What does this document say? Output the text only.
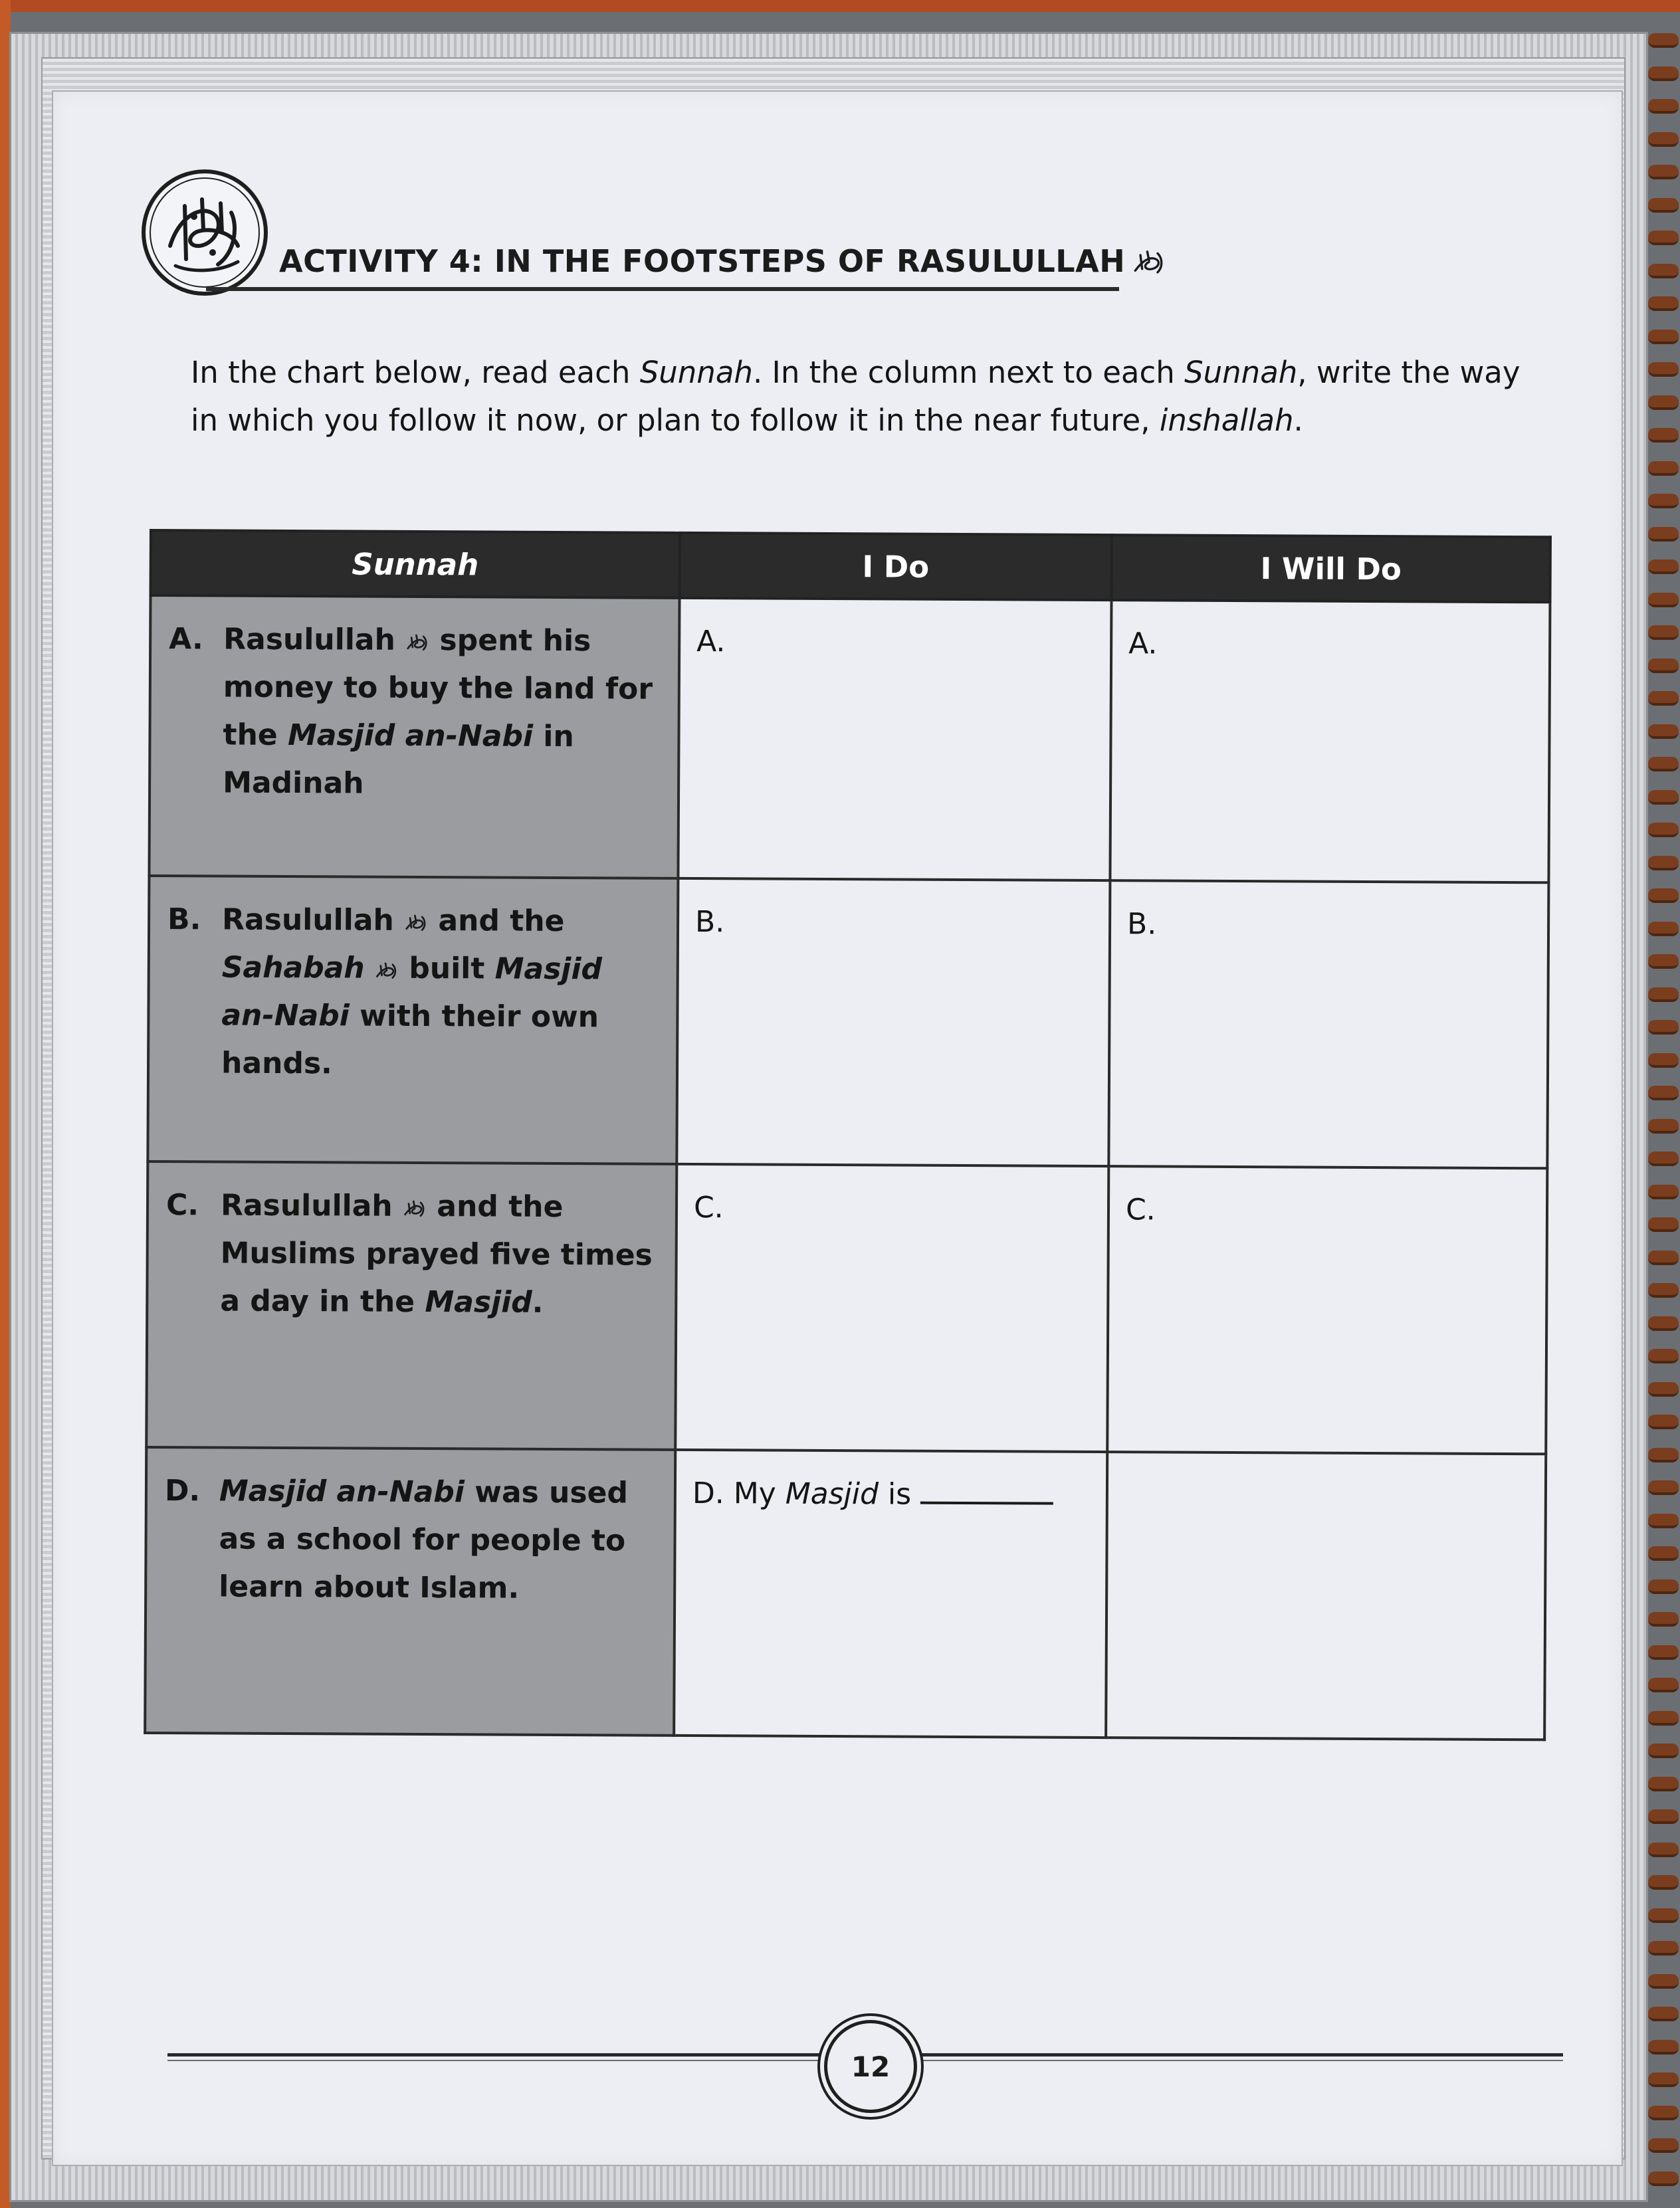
ACTIVITY 4: IN THE FOOTSTEPS OF RASULULLAH
In the chart below, read each Sunnah. In the column next to each Sunnah, write the way in which you follow it now, or plan to follow it in the near future, inshallah.
Sunnah	I Do	I Will Do

A. Rasulullah  spent his money to buy the land for the Masjid an-Nabi in Madinah	A.	A.

B. Rasulullah  and the Sahabah  built Masjid an-Nabi with their own hands.	B.	B.

C. Rasulullah  and the Muslims prayed five times a day in the Masjid.	C.	C.

D. Masjid an-Nabi was used as a school for people to learn about Islam.	D. My Masjid is	
12
